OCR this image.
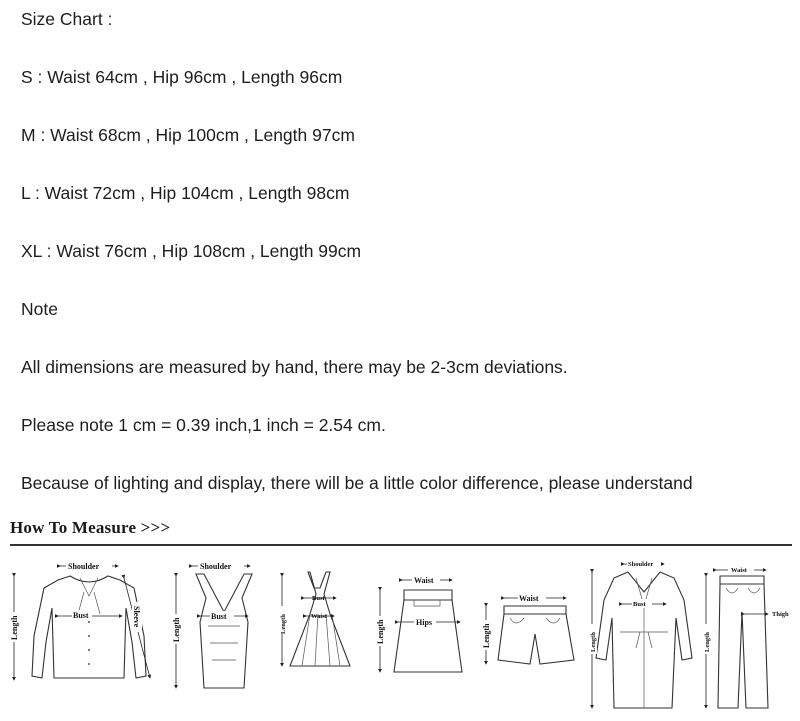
Size Chart :
S : Waist 64cm , Hip 96cm , Length 96cm
M : Waist 68cm , Hip 100cm , Length 97cm
L : Waist 72cm , Hip 104cm , Length 98cm
XL : Waist 76cm , Hip 108cm , Length 99cm
Note
All dimensions are measured by hand, there may be 2-3cm deviations.
Please note 1 cm = 0.39 inch,1 inch = 2.54 cm.
Because of lighting and display, there will be a little color difference, please understand
How To Measure >>>
Shoulder
Bust
Length	Sleeve
Shoulder
Bust
Length
Bust
Waist
Length
Waist
Hips
Length
Waist
Length
Shoulder
Bust
Length
Waist
Thigh
Length
